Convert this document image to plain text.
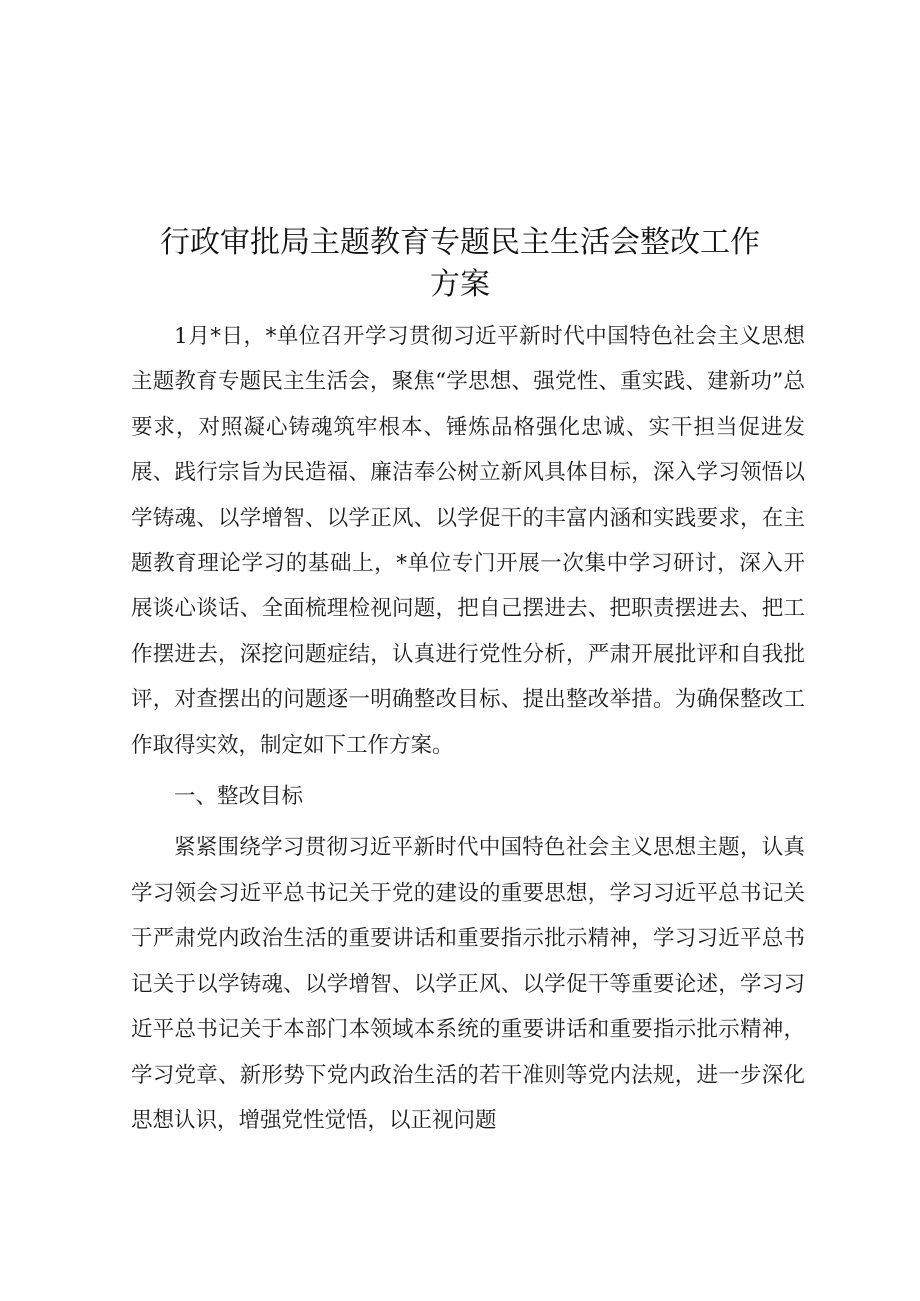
行政审批局主题教育专题民主生活会整改工作
方案

1月*日，*单位召开学习贯彻习近平新时代中国特色社会主义思想主题教育专题民主生活会，聚焦“学思想、强党性、重实践、建新功”总要求，对照凝心铸魂筑牢根本、锤炼品格强化忠诚、实干担当促进发展、践行宗旨为民造福、廉洁奉公树立新风具体目标，深入学习领悟以学铸魂、以学增智、以学正风、以学促干的丰富内涵和实践要求，在主题教育理论学习的基础上，*单位专门开展一次集中学习研讨，深入开展谈心谈话、全面梳理检视问题，把自己摆进去、把职责摆进去、把工作摆进去，深挖问题症结，认真进行党性分析，严肃开展批评和自我批评，对查摆出的问题逐一明确整改目标、提出整改举措。为确保整改工作取得实效，制定如下工作方案。

一、整改目标

紧紧围绕学习贯彻习近平新时代中国特色社会主义思想主题，认真学习领会习近平总书记关于党的建设的重要思想，学习习近平总书记关于严肃党内政治生活的重要讲话和重要指示批示精神，学习习近平总书记关于以学铸魂、以学增智、以学正风、以学促干等重要论述，学习习近平总书记关于本部门本领域本系统的重要讲话和重要指示批示精神，学习党章、新形势下党内政治生活的若干准则等党内法规，进一步深化思想认识，增强党性觉悟，以正视问题
